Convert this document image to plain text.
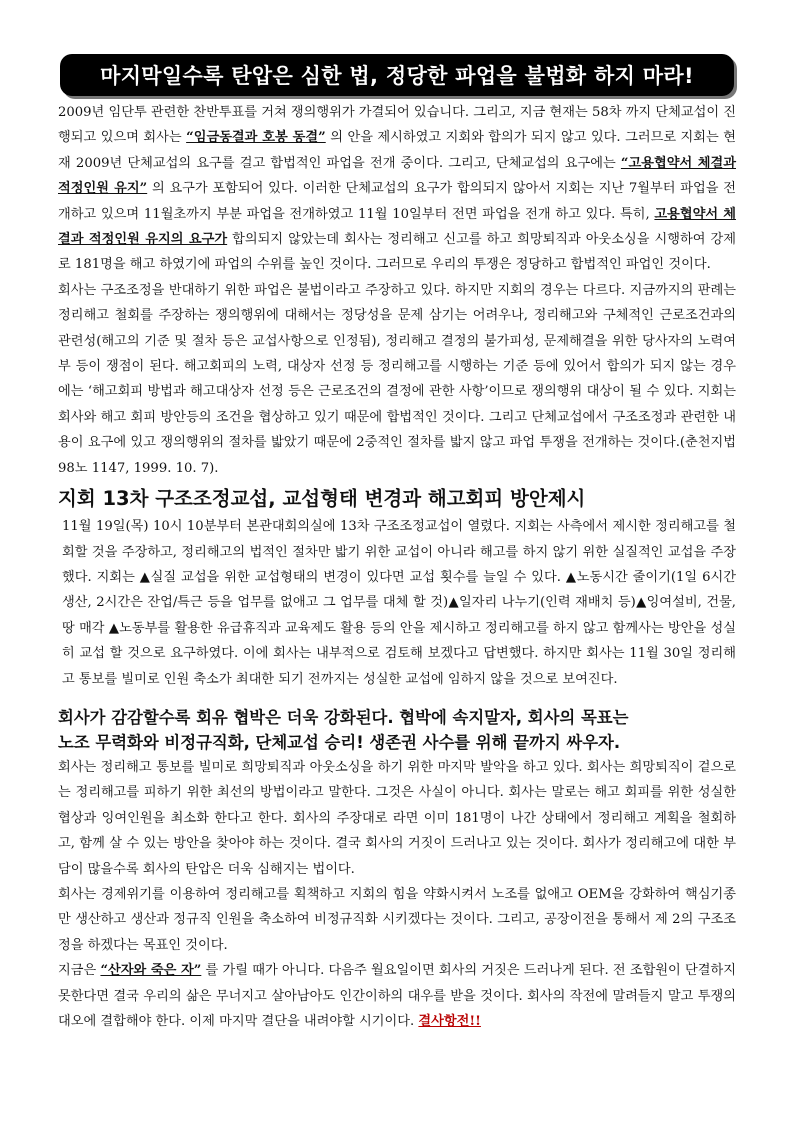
마지막일수록 탄압은 심한 법, 정당한 파업을 불법화 하지 마라!

2009년 임단투 관련한 찬반투표를 거쳐 쟁의행위가 가결되어 있습니다. 그리고, 지금 현재는 58차 까지 단체교섭이 진행되고 있으며 회사는 “임금동결과 호봉 동결” 의 안을 제시하였고 지회와 합의가 되지 않고 있다. 그러므로 지회는 현재 2009년 단체교섭의 요구를 걸고 합법적인 파업을 전개 중이다. 그리고, 단체교섭의 요구에는 “고용협약서 체결과 적정인원 유지” 의 요구가 포함되어 있다. 이러한 단체교섭의 요구가 합의되지 않아서 지회는 지난 7월부터 파업을 전개하고 있으며 11월초까지 부분 파업을 전개하였고 11월 10일부터 전면 파업을 전개 하고 있다. 특히, 고용협약서 체결과 적정인원 유지의 요구가 합의되지 않았는데 회사는 정리해고 신고를 하고 희망퇴직과 아웃소싱을 시행하여 강제로 181명을 해고 하였기에 파업의 수위를 높인 것이다. 그러므로 우리의 투쟁은 정당하고 합법적인 파업인 것이다.

회사는 구조조정을 반대하기 위한 파업은 불법이라고 주장하고 있다. 하지만 지회의 경우는 다르다. 지금까지의 판례는 정리해고 철회를 주장하는 쟁의행위에 대해서는 정당성을 문제 삼기는 어려우나, 정리해고와 구체적인 근로조건과의 관련성(해고의 기준 및 절차 등은 교섭사항으로 인정됨), 정리해고 결정의 불가피성, 문제해결을 위한 당사자의 노력여부 등이 쟁점이 된다. 해고회피의 노력, 대상자 선정 등 정리해고를 시행하는 기준 등에 있어서 합의가 되지 않는 경우에는 ‘해고회피 방법과 해고대상자 선정 등은 근로조건의 결정에 관한 사항’이므로 쟁의행위 대상이 될 수 있다. 지회는 회사와 해고 회피 방안등의 조건을 협상하고 있기 때문에 합법적인 것이다. 그리고 단체교섭에서 구조조정과 관련한 내용이 요구에 있고 쟁의행위의 절차를 밟았기 때문에 2중적인 절차를 밟지 않고 파업 투쟁을 전개하는 것이다.(춘천지법 98노 1147, 1999. 10. 7).

지회 13차 구조조정교섭, 교섭형태 변경과 해고회피 방안제시

11월 19일(목) 10시 10분부터 본관대회의실에 13차 구조조정교섭이 열렸다. 지회는 사측에서 제시한 정리해고를 철회할 것을 주장하고, 정리해고의 법적인 절차만 밟기 위한 교섭이 아니라 해고를 하지 않기 위한 실질적인 교섭을 주장했다. 지회는 ▲실질 교섭을 위한 교섭형태의 변경이 있다면 교섭 횟수를 늘일 수 있다. ▲노동시간 줄이기(1일 6시간 생산, 2시간은 잔업/특근 등을 업무를 없애고 그 업무를 대체 할 것)▲일자리 나누기(인력 재배치 등)▲잉여설비, 건물, 땅 매각 ▲노동부를 활용한 유급휴직과 교육제도 활용 등의 안을 제시하고 정리해고를 하지 않고 함께사는 방안을 성실히 교섭 할 것으로 요구하였다. 이에 회사는 내부적으로 검토해 보겠다고 답변했다. 하지만 회사는 11월 30일 정리해고 통보를 빌미로 인원 축소가 최대한 되기 전까지는 성실한 교섭에 임하지 않을 것으로 보여진다.

회사가 감감할수록 회유 협박은 더욱 강화된다. 협박에 속지말자, 회사의 목표는
노조 무력화와 비정규직화, 단체교섭 승리! 생존권 사수를 위해 끝까지 싸우자.

회사는 정리해고 통보를 빌미로 희망퇴직과 아웃소싱을 하기 위한 마지막 발악을 하고 있다. 회사는 희망퇴직이 겉으로는 정리해고를 피하기 위한 최선의 방법이라고 말한다. 그것은 사실이 아니다. 회사는 말로는 해고 회피를 위한 성실한 협상과 잉여인원을 최소화 한다고 한다. 회사의 주장대로 라면 이미 181명이 나간 상태에서 정리해고 계획을 철회하고, 함께 살 수 있는 방안을 찾아야 하는 것이다. 결국 회사의 거짓이 드러나고 있는 것이다. 회사가 정리해고에 대한 부담이 많을수록 회사의 탄압은 더욱 심해지는 법이다.

회사는 경제위기를 이용하여 정리해고를 획책하고 지회의 힘을 약화시켜서 노조를 없애고 OEM을 강화하여 핵심기종만 생산하고 생산과 정규직 인원을 축소하여 비정규직화 시키겠다는 것이다. 그리고, 공장이전을 통해서 제 2의 구조조정을 하겠다는 목표인 것이다.

지금은 “산자와 죽은 자” 를 가릴 때가 아니다. 다음주 월요일이면 회사의 거짓은 드러나게 된다. 전 조합원이 단결하지 못한다면 결국 우리의 삶은 무너지고 살아남아도 인간이하의 대우를 받을 것이다. 회사의 작전에 말려들지 말고 투쟁의 대오에 결합해야 한다. 이제 마지막 결단을 내려야할 시기이다. 결사항전!!
